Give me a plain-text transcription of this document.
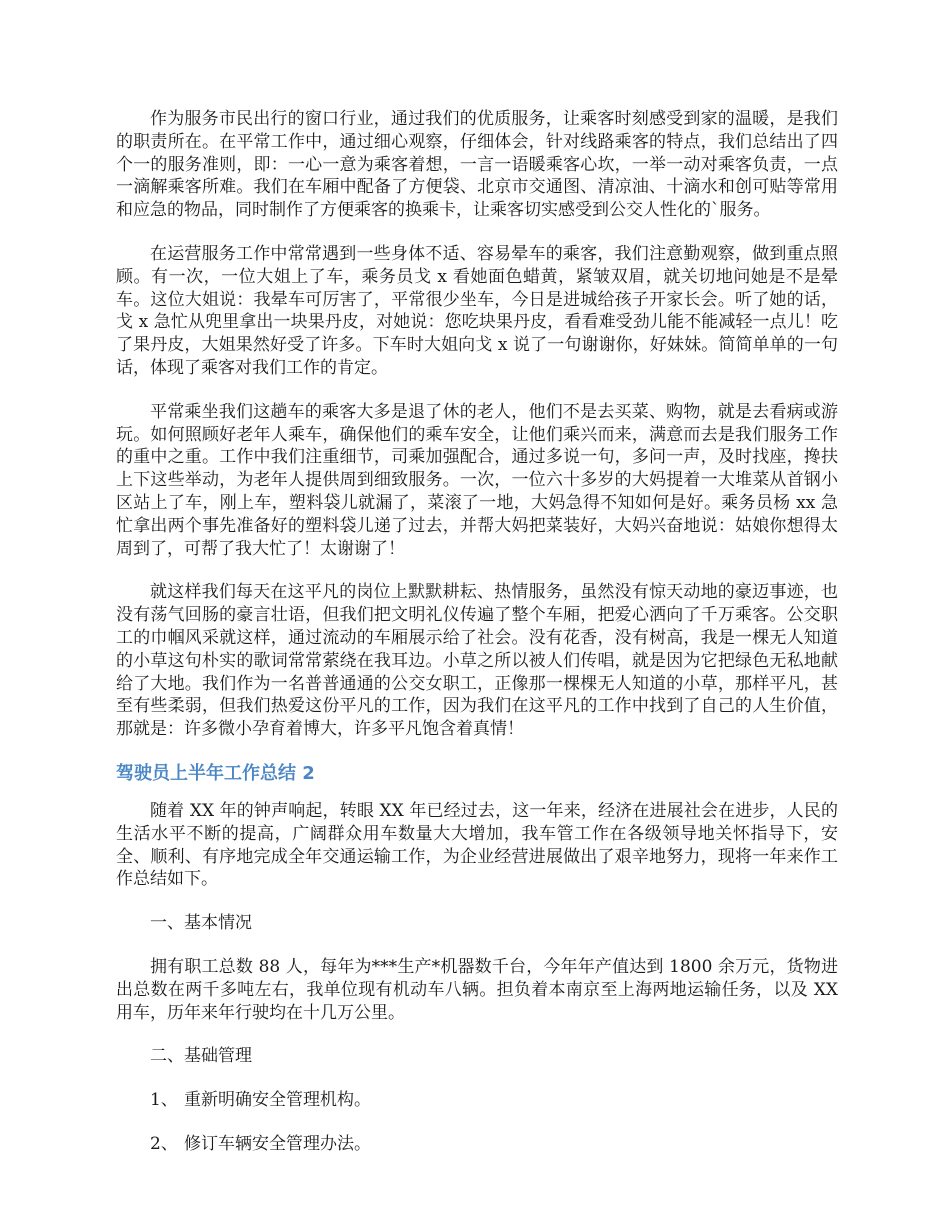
作为服务市民出行的窗口行业，通过我们的优质服务，让乘客时刻感受到家的温暖，是我们的职责所在。在平常工作中，通过细心观察，仔细体会，针对线路乘客的特点，我们总结出了四个一的服务准则，即：一心一意为乘客着想，一言一语暖乘客心坎，一举一动对乘客负责，一点一滴解乘客所难。我们在车厢中配备了方便袋、北京市交通图、清凉油、十滴水和创可贴等常用和应急的物品，同时制作了方便乘客的换乘卡，让乘客切实感受到公交人性化的`服务。

在运营服务工作中常常遇到一些身体不适、容易晕车的乘客，我们注意勤观察，做到重点照顾。有一次，一位大姐上了车，乘务员戈 x 看她面色蜡黄，紧皱双眉，就关切地问她是不是晕车。这位大姐说：我晕车可厉害了，平常很少坐车，今日是进城给孩子开家长会。听了她的话，戈 x 急忙从兜里拿出一块果丹皮，对她说：您吃块果丹皮，看看难受劲儿能不能减轻一点儿！吃了果丹皮，大姐果然好受了许多。下车时大姐向戈 x 说了一句谢谢你，好妹妹。简简单单的一句话，体现了乘客对我们工作的肯定。

平常乘坐我们这趟车的乘客大多是退了休的老人，他们不是去买菜、购物，就是去看病或游玩。如何照顾好老年人乘车，确保他们的乘车安全，让他们乘兴而来，满意而去是我们服务工作的重中之重。工作中我们注重细节，司乘加强配合，通过多说一句，多问一声，及时找座，搀扶上下这些举动，为老年人提供周到细致服务。一次，一位六十多岁的大妈提着一大堆菜从首钢小区站上了车，刚上车，塑料袋儿就漏了，菜滚了一地，大妈急得不知如何是好。乘务员杨 xx 急忙拿出两个事先准备好的塑料袋儿递了过去，并帮大妈把菜装好，大妈兴奋地说：姑娘你想得太周到了，可帮了我大忙了！太谢谢了！

就这样我们每天在这平凡的岗位上默默耕耘、热情服务，虽然没有惊天动地的豪迈事迹，也没有荡气回肠的豪言壮语，但我们把文明礼仪传遍了整个车厢，把爱心洒向了千万乘客。公交职工的巾帼风采就这样，通过流动的车厢展示给了社会。没有花香，没有树高，我是一棵无人知道的小草这句朴实的歌词常常萦绕在我耳边。小草之所以被人们传唱，就是因为它把绿色无私地献给了大地。我们作为一名普普通通的公交女职工，正像那一棵棵无人知道的小草，那样平凡，甚至有些柔弱，但我们热爱这份平凡的工作，因为我们在这平凡的工作中找到了自己的人生价值，那就是：许多微小孕育着博大，许多平凡饱含着真情！

驾驶员上半年工作总结 2

随着 XX 年的钟声响起，转眼 XX 年已经过去，这一年来，经济在进展社会在进步，人民的生活水平不断的提高，广阔群众用车数量大大增加，我车管工作在各级领导地关怀指导下，安全、顺利、有序地完成全年交通运输工作，为企业经营进展做出了艰辛地努力，现将一年来作工作总结如下。

一、基本情况

拥有职工总数 88 人，每年为***生产*机器数千台，今年年产值达到 1800 余万元，货物进出总数在两千多吨左右，我单位现有机动车八辆。担负着本南京至上海两地运输任务，以及 XX 用车，历年来年行驶均在十几万公里。

二、基础管理

1、 重新明确安全管理机构。

2、 修订车辆安全管理办法。
